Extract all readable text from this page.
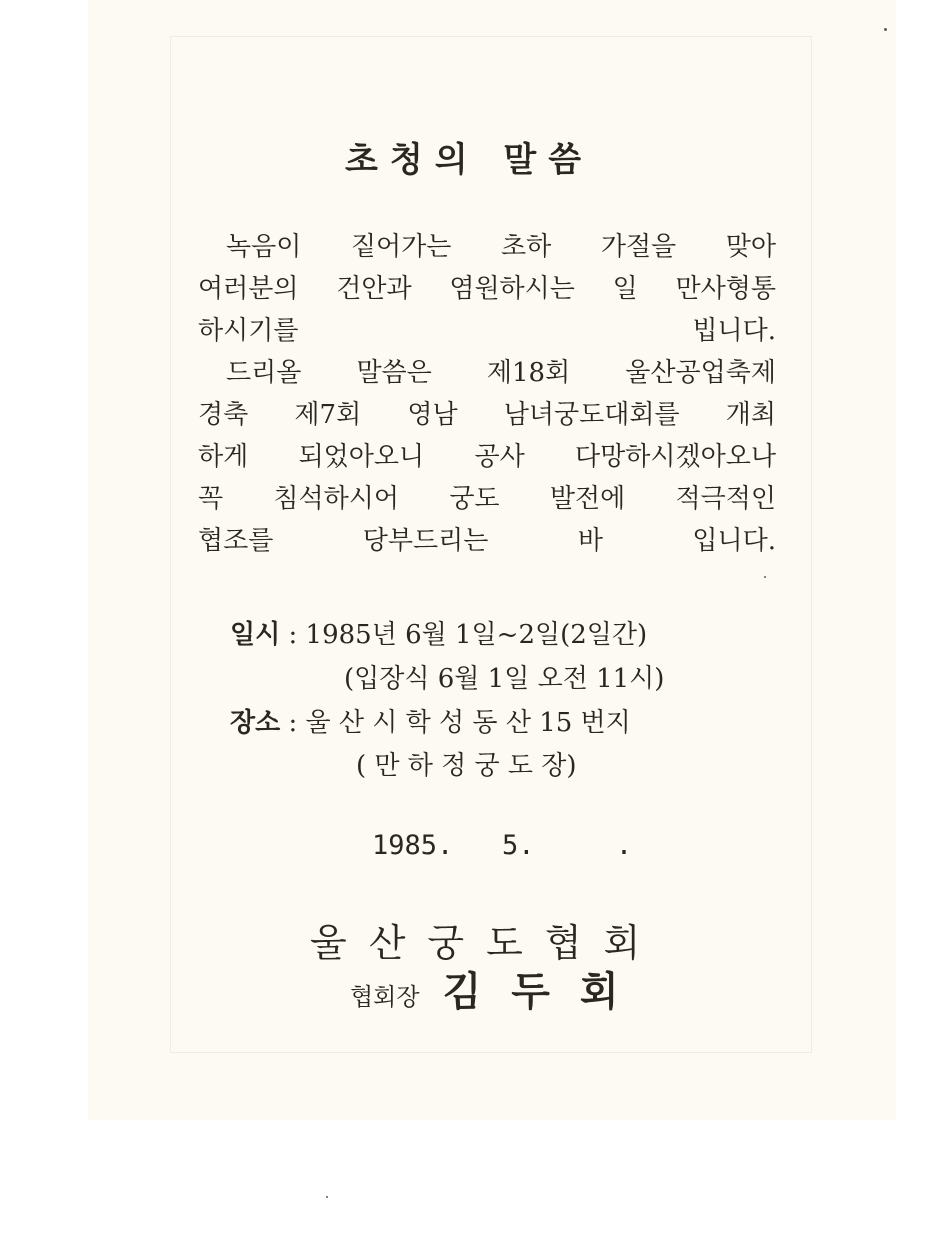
초청의 말씀

녹음이 짙어가는 초하 가절을 맞아
여러분의 건안과 염원하시는 일 만사형통
하시기를 빕니다.

드리올 말씀은 제18회 울산공업축제
경축 제7회 영남 남녀궁도대회를 개최
하게 되었아오니 공사 다망하시겠아오나
꼭 침석하시어 궁도 발전에 적극적인
협조를 당부드리는 바 입니다.

일시 : 1985년 6월 1일~2일(2일간)

(입장식 6월 1일 오전 11시)

장소 : 울 산 시 학 성 동 산 15 번지

( 만 하 정 궁 도 장)

1985.   5.     .

울산궁도협회

협회장 김두회
